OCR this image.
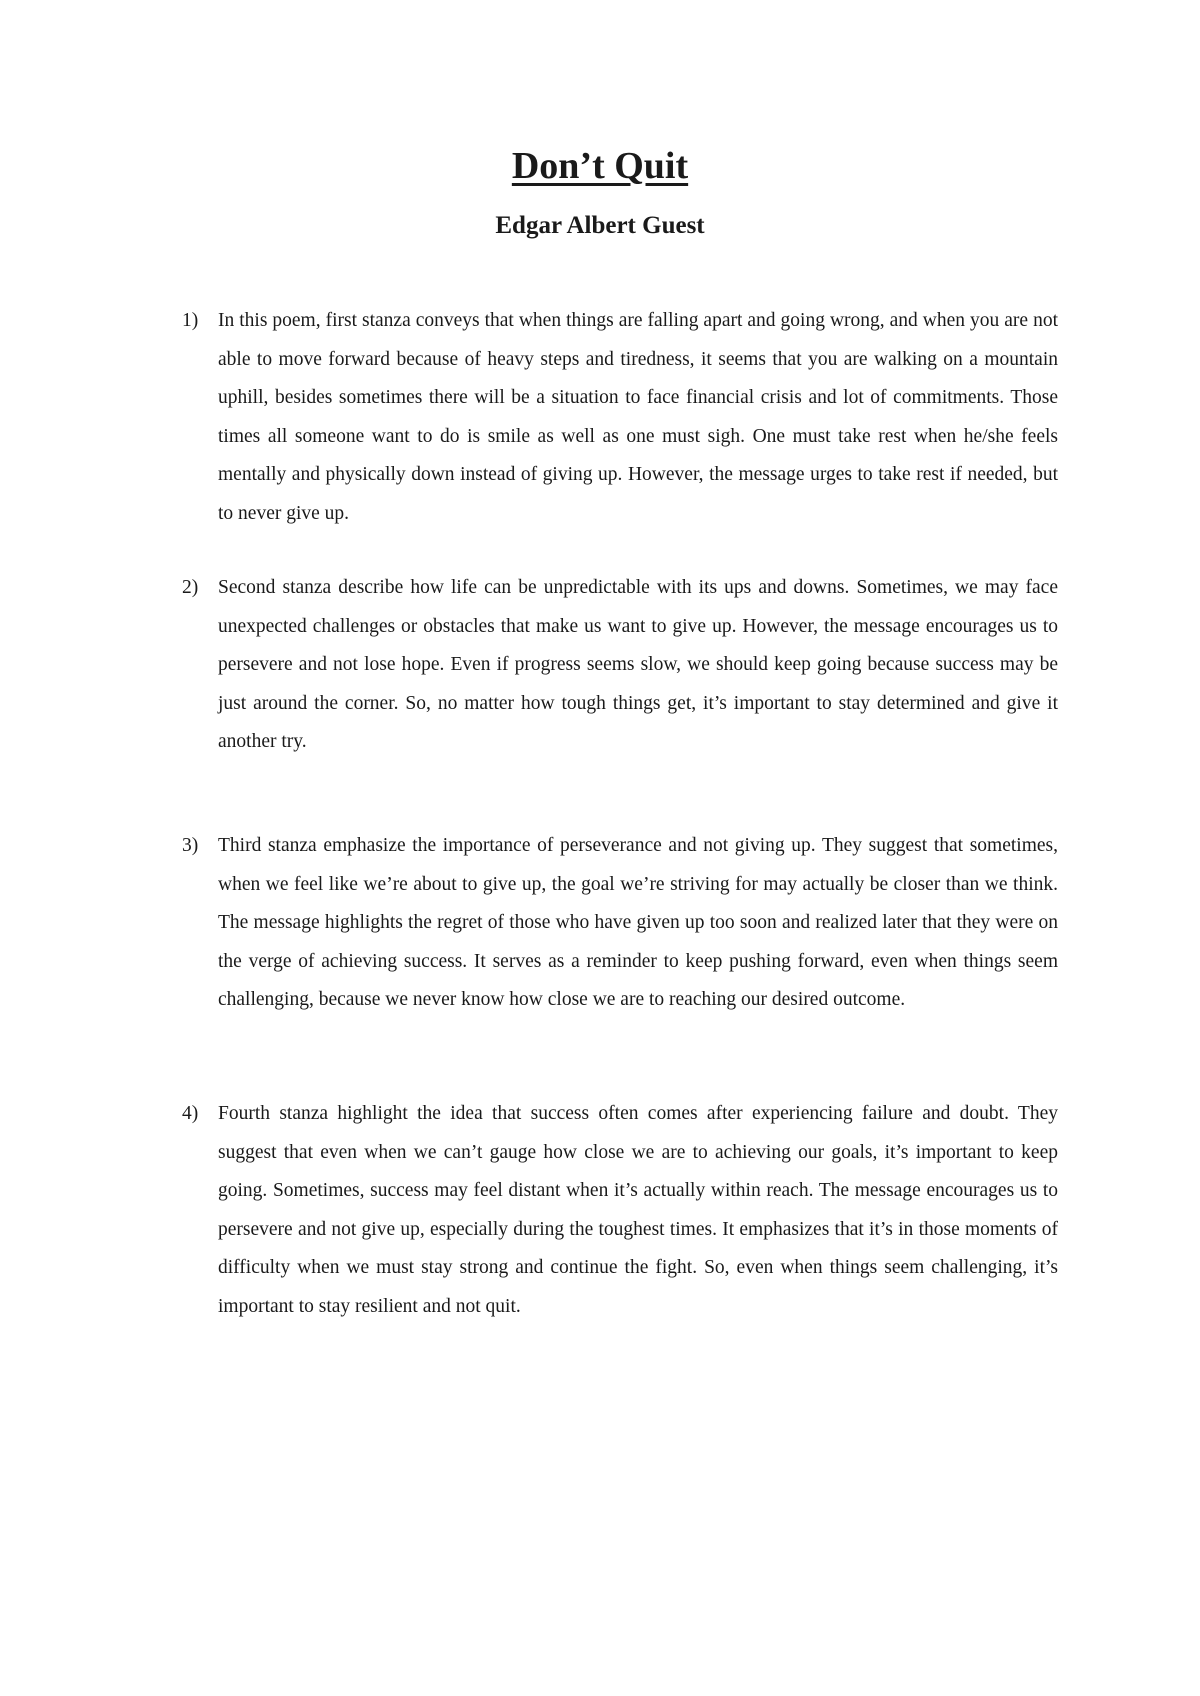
Don’t Quit
Edgar Albert Guest
1) In this poem, first stanza conveys that when things are falling apart and going wrong, and when you are not able to move forward because of heavy steps and tiredness, it seems that you are walking on a mountain uphill, besides sometimes there will be a situation to face financial crisis and lot of commitments. Those times all someone want to do is smile as well as one must sigh. One must take rest when he/she feels mentally and physically down instead of giving up. However, the message urges to take rest if needed, but to never give up.
2) Second stanza describe how life can be unpredictable with its ups and downs. Sometimes, we may face unexpected challenges or obstacles that make us want to give up. However, the message encourages us to persevere and not lose hope. Even if progress seems slow, we should keep going because success may be just around the corner. So, no matter how tough things get, it’s important to stay determined and give it another try.
3) Third stanza emphasize the importance of perseverance and not giving up. They suggest that sometimes, when we feel like we’re about to give up, the goal we’re striving for may actually be closer than we think. The message highlights the regret of those who have given up too soon and realized later that they were on the verge of achieving success. It serves as a reminder to keep pushing forward, even when things seem challenging, because we never know how close we are to reaching our desired outcome.
4) Fourth stanza highlight the idea that success often comes after experiencing failure and doubt. They suggest that even when we can’t gauge how close we are to achieving our goals, it’s important to keep going. Sometimes, success may feel distant when it’s actually within reach. The message encourages us to persevere and not give up, especially during the toughest times. It emphasizes that it’s in those moments of difficulty when we must stay strong and continue the fight. So, even when things seem challenging, it’s important to stay resilient and not quit.
